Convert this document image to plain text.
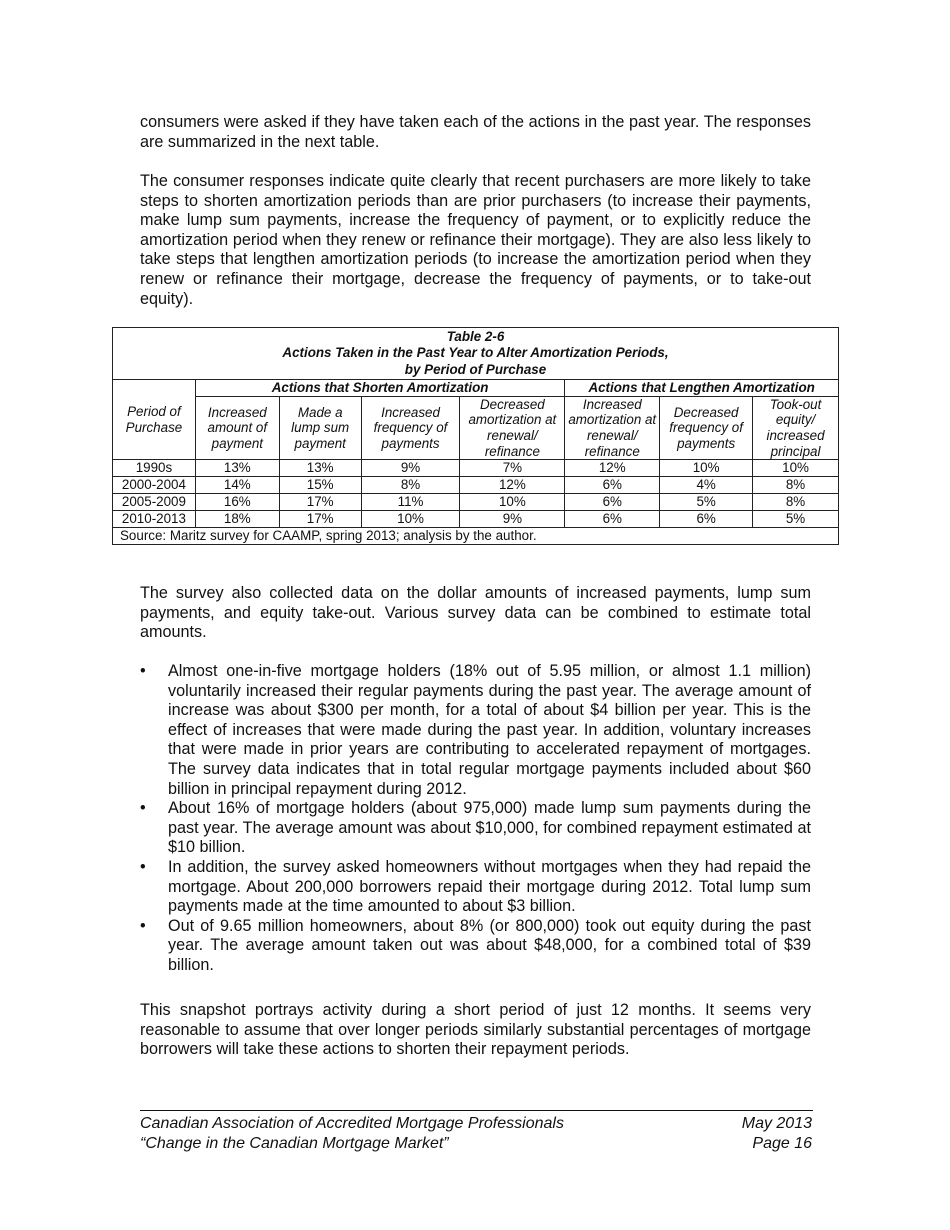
consumers were asked if they have taken each of the actions in the past year. The responses are summarized in the next table.

The consumer responses indicate quite clearly that recent purchasers are more likely to take steps to shorten amortization periods than are prior purchasers (to increase their payments, make lump sum payments, increase the frequency of payment, or to explicitly reduce the amortization period when they renew or refinance their mortgage). They are also less likely to take steps that lengthen amortization periods (to increase the amortization period when they renew or refinance their mortgage, decrease the frequency of payments, or to take-out equity).

Table 2-6
Actions Taken in the Past Year to Alter Amortization Periods,
by Period of Purchase							

Period of Purchase	Actions that Shorten Amortization				Actions that Lengthen Amortization		
	Increased amount of payment	Made a lump sum payment	Increased frequency of payments	Decreased amortization at renewal/ refinance	Increased amortization at renewal/ refinance	Decreased frequency of payments	Took-out equity/ increased principal
1990s	13%	13%	9%	7%	12%	10%	10%
2000-2004	14%	15%	8%	12%	6%	4%	8%
2005-2009	16%	17%	11%	10%	6%	5%	8%
2010-2013	18%	17%	10%	9%	6%	6%	5%
Source: Maritz survey for CAAMP, spring 2013; analysis by the author.							

The survey also collected data on the dollar amounts of increased payments, lump sum payments, and equity take-out. Various survey data can be combined to estimate total amounts.

• Almost one-in-five mortgage holders (18% out of 5.95 million, or almost 1.1 million) voluntarily increased their regular payments during the past year. The average amount of increase was about $300 per month, for a total of about $4 billion per year. This is the effect of increases that were made during the past year. In addition, voluntary increases that were made in prior years are contributing to accelerated repayment of mortgages. The survey data indicates that in total regular mortgage payments included about $60 billion in principal repayment during 2012.
• About 16% of mortgage holders (about 975,000) made lump sum payments during the past year. The average amount was about $10,000, for combined repayment estimated at $10 billion.
• In addition, the survey asked homeowners without mortgages when they had repaid the mortgage. About 200,000 borrowers repaid their mortgage during 2012. Total lump sum payments made at the time amounted to about $3 billion.
• Out of 9.65 million homeowners, about 8% (or 800,000) took out equity during the past year. The average amount taken out was about $48,000, for a combined total of $39 billion.

This snapshot portrays activity during a short period of just 12 months. It seems very reasonable to assume that over longer periods similarly substantial percentages of mortgage borrowers will take these actions to shorten their repayment periods.

Canadian Association of Accredited Mortgage Professionals
“Change in the Canadian Mortgage Market”
May 2013
Page 16
